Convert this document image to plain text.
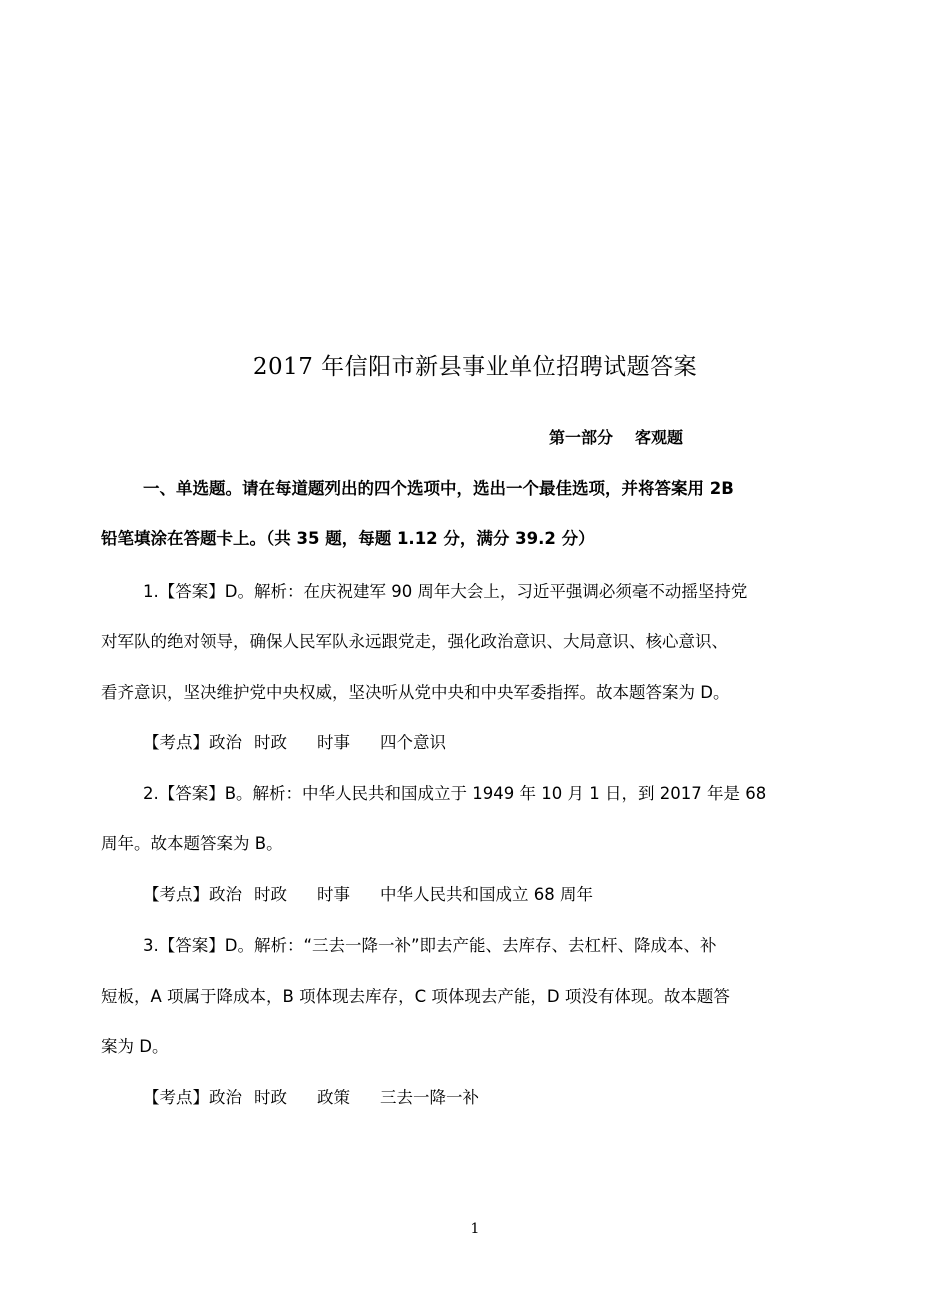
2017 年信阳市新县事业单位招聘试题答案
第一部分 客观题
一、单选题。请在每道题列出的四个选项中，选出一个最佳选项，并将答案用 2B
铅笔填涂在答题卡上。（共 35 题，每题 1.12 分，满分 39.2 分）
1.【答案】D。解析：在庆祝建军 90 周年大会上，习近平强调必须毫不动摇坚持党
对军队的绝对领导，确保人民军队永远跟党走，强化政治意识、大局意识、核心意识、
看齐意识，坚决维护党中央权威，坚决听从党中央和中央军委指挥。故本题答案为 D。
【考点】政治 时政 时事 四个意识
2.【答案】B。解析：中华人民共和国成立于 1949 年 10 月 1 日，到 2017 年是 68
周年。故本题答案为 B。
【考点】政治 时政 时事 中华人民共和国成立 68 周年
3.【答案】D。解析：“三去一降一补”即去产能、去库存、去杠杆、降成本、补
短板，A 项属于降成本，B 项体现去库存，C 项体现去产能，D 项没有体现。故本题答
案为 D。
【考点】政治 时政 政策 三去一降一补
1
